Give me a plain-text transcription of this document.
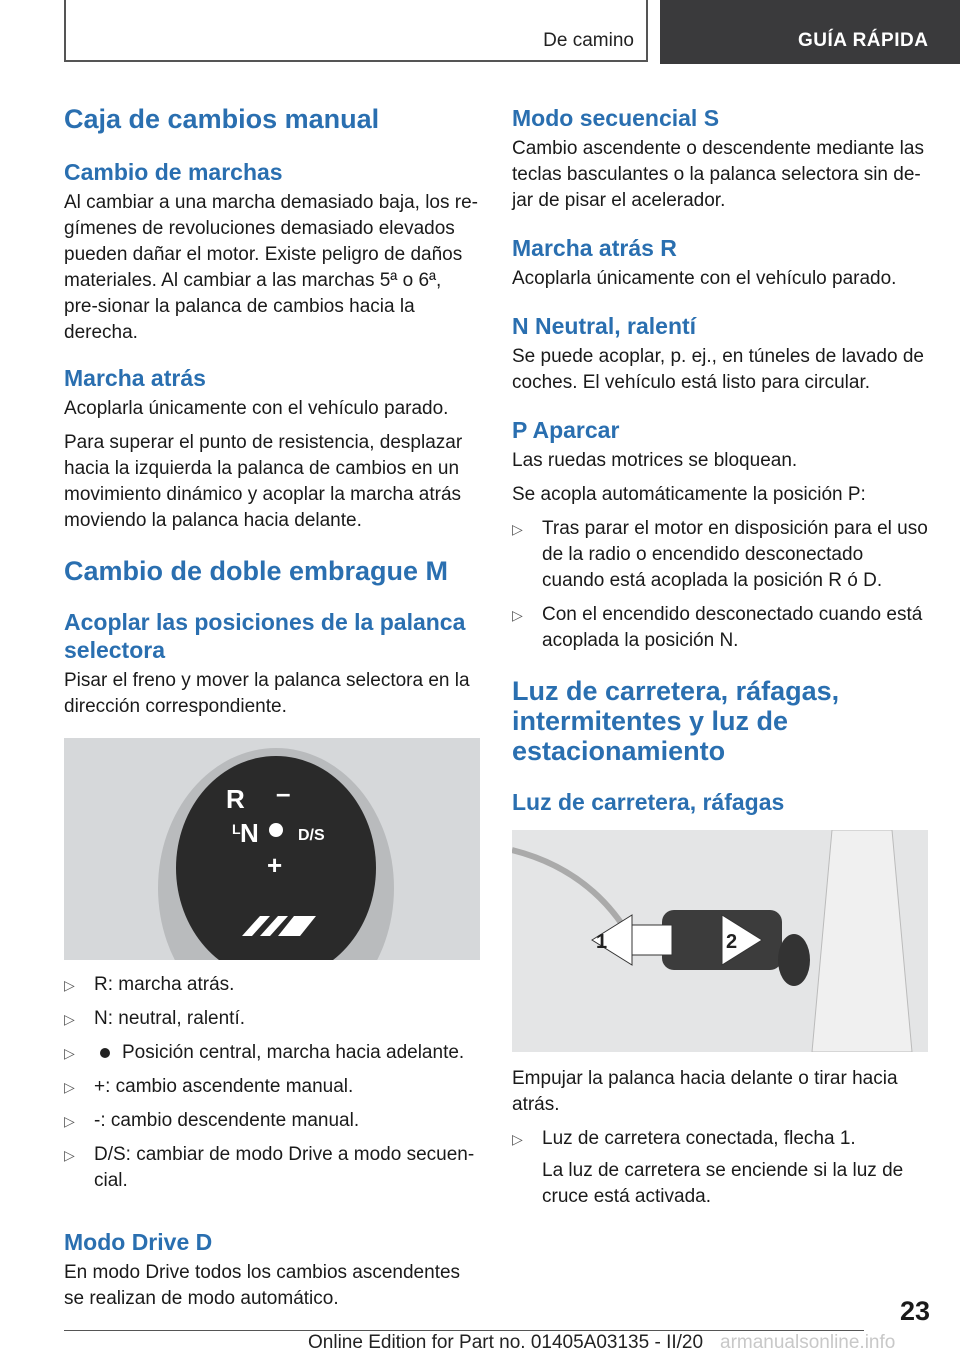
De camino	GUÍA RÁPIDA
Caja de cambios manual
Cambio de marchas

Al cambiar a una marcha demasiado baja, los re-gímenes de revoluciones demasiado elevados pueden dañar el motor. Existe peligro de daños materiales. Al cambiar a las marchas 5ª o 6ª, pre-sionar la palanca de cambios hacia la derecha.

Marcha atrás

Acoplarla únicamente con el vehículo parado.

Para superar el punto de resistencia, desplazar hacia la izquierda la palanca de cambios en un movimiento dinámico y acoplar la marcha atrás moviendo la palanca hacia delante.

Cambio de doble embrague M
Acoplar las posiciones de la palanca selectora

Pisar el freno y mover la palanca selectora en la dirección correspondiente.

R –
L N D/S
+
▷ R: marcha atrás.
▷ N: neutral, ralentí.
▷ Posición central, marcha hacia adelante.
▷ +: cambio ascendente manual.
▷ -: cambio descendente manual.
▷ D/S: cambiar de modo Drive a modo secuen-cial.
Modo Drive D

En modo Drive todos los cambios ascendentes se realizan de modo automático.

Modo secuencial S

Cambio ascendente o descendente mediante las teclas basculantes o la palanca selectora sin de-jar de pisar el acelerador.

Marcha atrás R

Acoplarla únicamente con el vehículo parado.

N Neutral, ralentí

Se puede acoplar, p. ej., en túneles de lavado de coches. El vehículo está listo para circular.

P Aparcar

Las ruedas motrices se bloquean.

Se acopla automáticamente la posición P:

▷ Tras parar el motor en disposición para el uso de la radio o encendido desconectado cuando está acoplada la posición R ó D.
▷ Con el encendido desconectado cuando está acoplada la posición N.
Luz de carretera, ráfagas, intermitentes y luz de estacionamiento
Luz de carretera, ráfagas
1	2

Empujar la palanca hacia delante o tirar hacia atrás.

▷ Luz de carretera conectada, flecha 1.

La luz de carretera se enciende si la luz de cruce está activada.

23
Online Edition for Part no. 01405A03135 - II/20 armanualsonline.info
